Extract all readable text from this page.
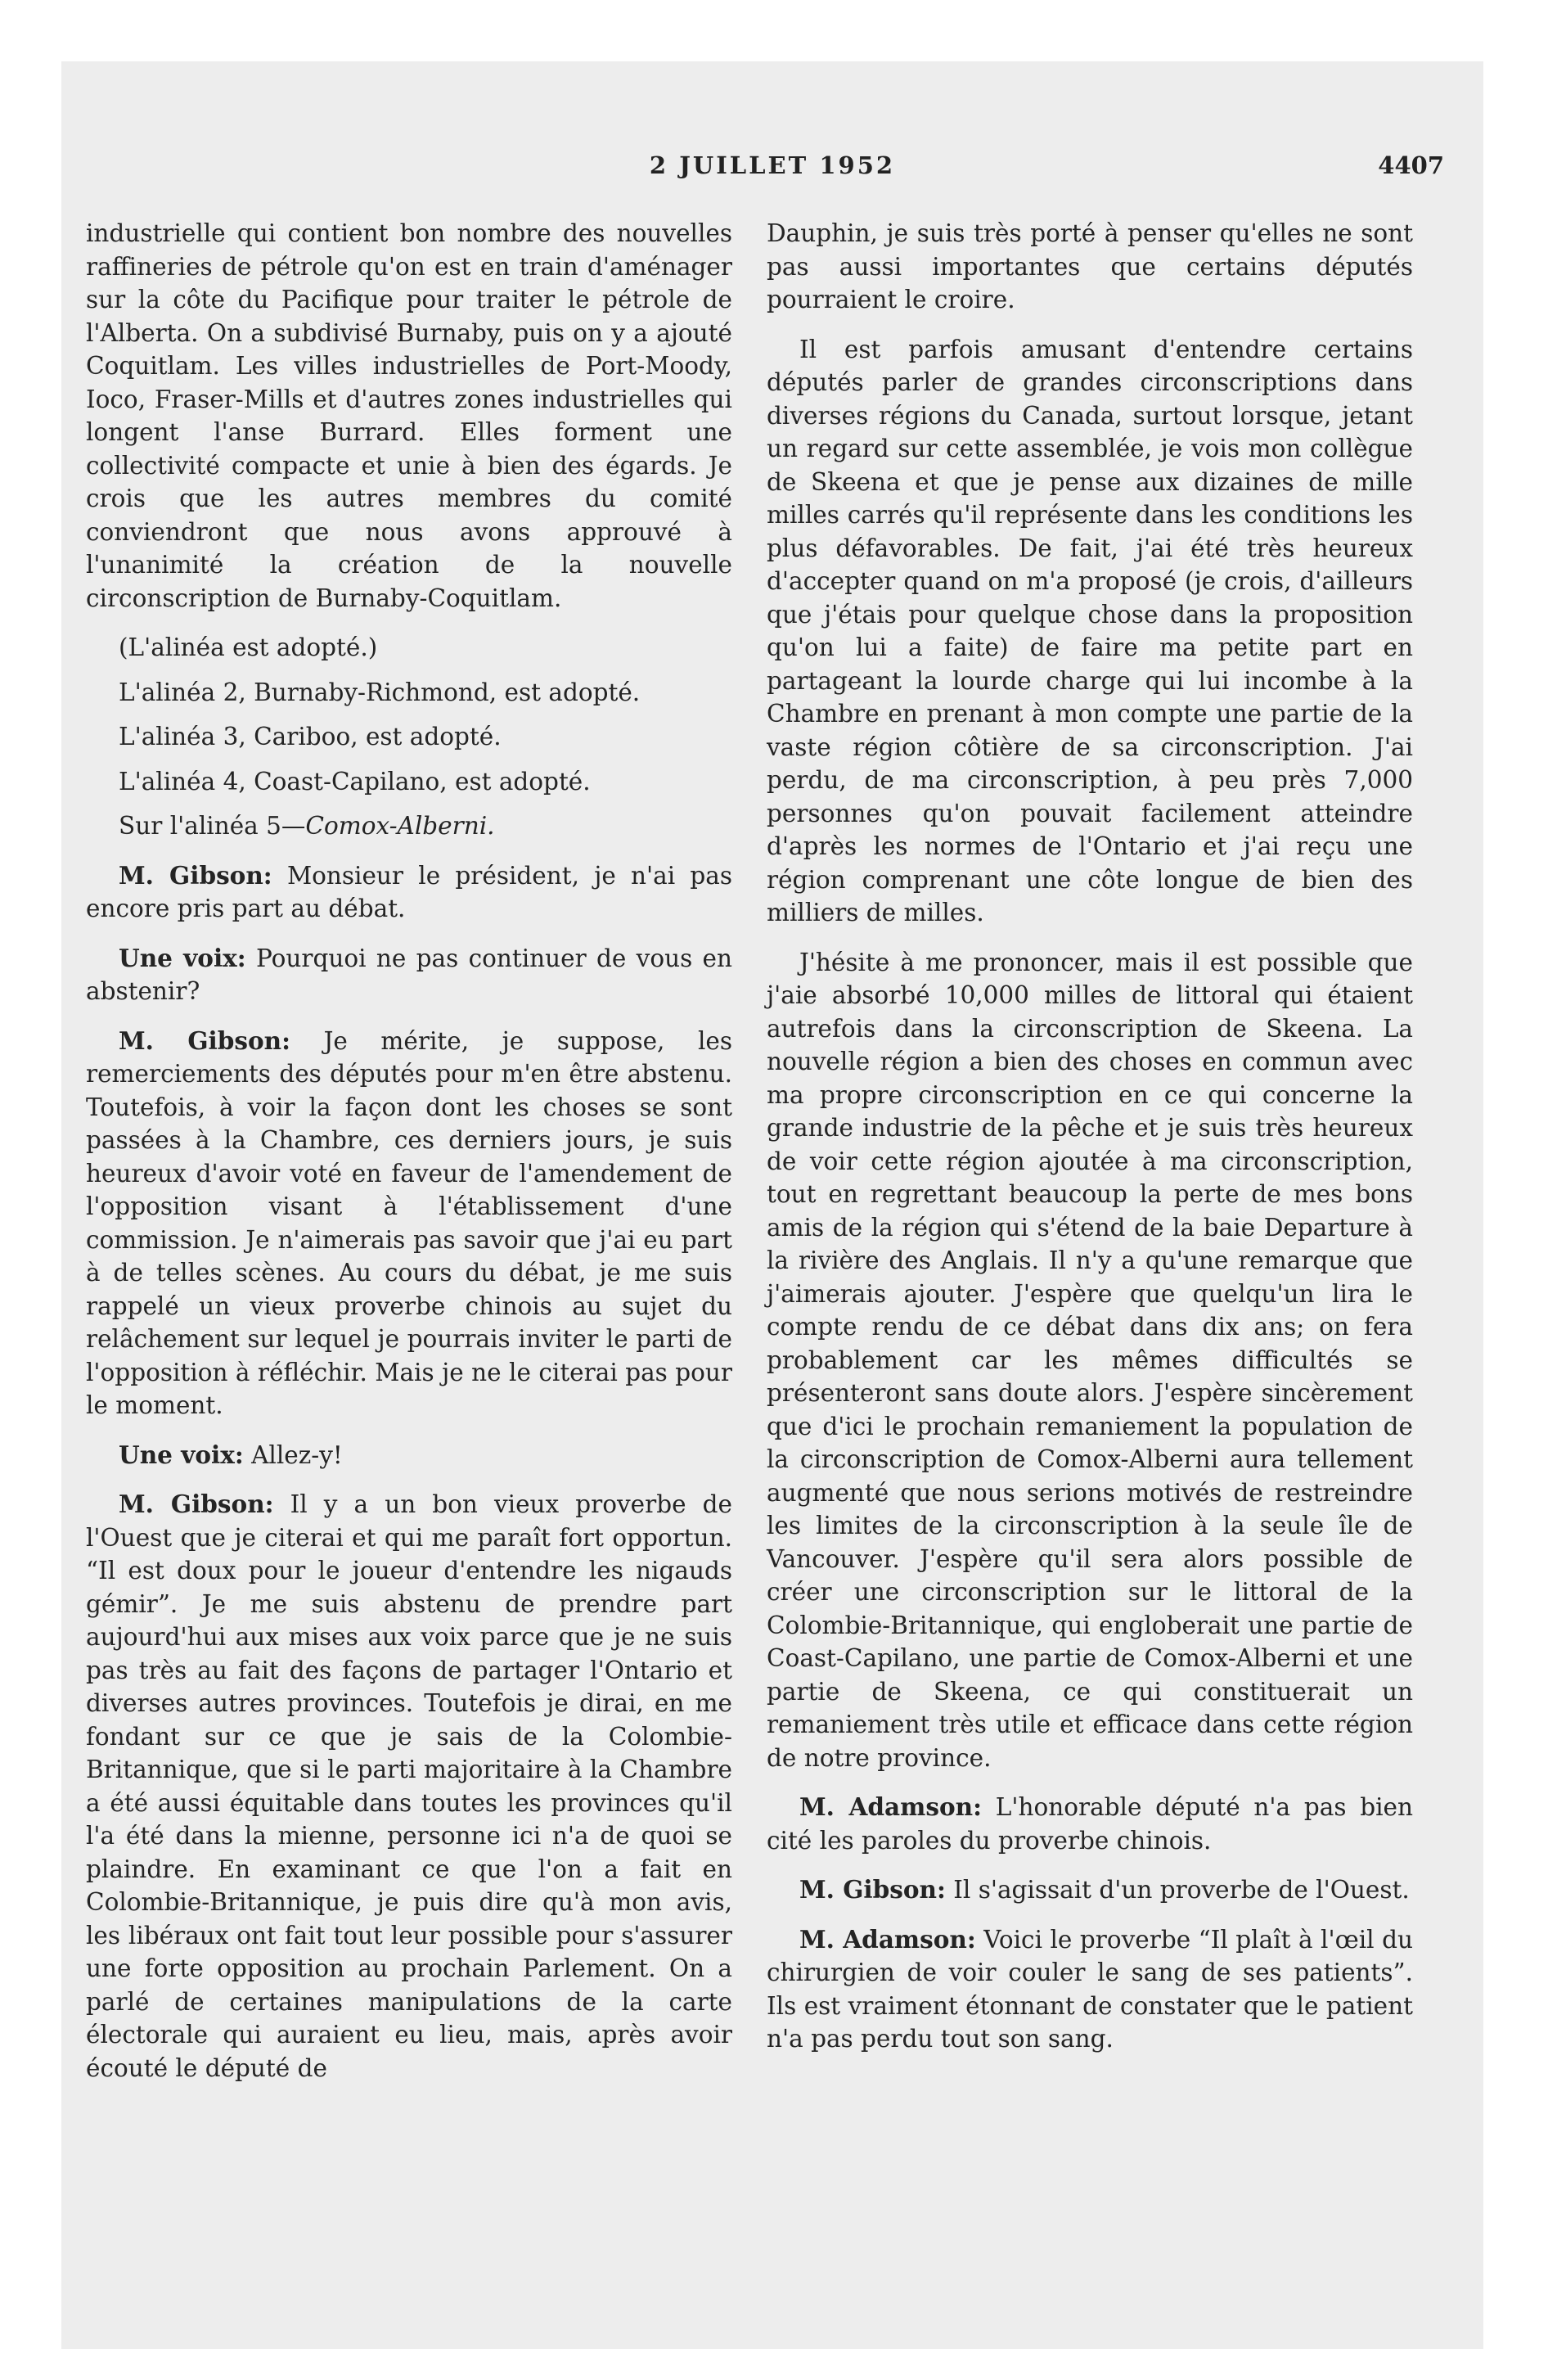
2 JUILLET 1952	4407

industrielle qui contient bon nombre des nouvelles raffineries de pétrole qu'on est en train d'aménager sur la côte du Pacifique pour traiter le pétrole de l'Alberta. On a subdivisé Burnaby, puis on y a ajouté Coquitlam. Les villes industrielles de Port-Moody, Ioco, Fraser-Mills et d'autres zones industrielles qui longent l'anse Burrard. Elles forment une collectivité compacte et unie à bien des égards. Je crois que les autres membres du comité conviendront que nous avons approuvé à l'unanimité la création de la nouvelle circonscription de Burnaby-Coquitlam.

(L'alinéa est adopté.)

L'alinéa 2, Burnaby-Richmond, est adopté.

L'alinéa 3, Cariboo, est adopté.

L'alinéa 4, Coast-Capilano, est adopté.

Sur l'alinéa 5—Comox-Alberni.

M. Gibson: Monsieur le président, je n'ai pas encore pris part au débat.

Une voix: Pourquoi ne pas continuer de vous en abstenir?

M. Gibson: Je mérite, je suppose, les remerciements des députés pour m'en être abstenu. Toutefois, à voir la façon dont les choses se sont passées à la Chambre, ces derniers jours, je suis heureux d'avoir voté en faveur de l'amendement de l'opposition visant à l'établissement d'une commission. Je n'aimerais pas savoir que j'ai eu part à de telles scènes. Au cours du débat, je me suis rappelé un vieux proverbe chinois au sujet du relâchement sur lequel je pourrais inviter le parti de l'opposition à réfléchir. Mais je ne le citerai pas pour le moment.

Une voix: Allez-y!

M. Gibson: Il y a un bon vieux proverbe de l'Ouest que je citerai et qui me paraît fort opportun. “Il est doux pour le joueur d'entendre les nigauds gémir”. Je me suis abstenu de prendre part aujourd'hui aux mises aux voix parce que je ne suis pas très au fait des façons de partager l'Ontario et diverses autres provinces. Toutefois je dirai, en me fondant sur ce que je sais de la Colombie-Britannique, que si le parti majoritaire à la Chambre a été aussi équitable dans toutes les provinces qu'il l'a été dans la mienne, personne ici n'a de quoi se plaindre. En examinant ce que l'on a fait en Colombie-Britannique, je puis dire qu'à mon avis, les libéraux ont fait tout leur possible pour s'assurer une forte opposition au prochain Parlement. On a parlé de certaines manipulations de la carte électorale qui auraient eu lieu, mais, après avoir écouté le député de

Dauphin, je suis très porté à penser qu'elles ne sont pas aussi importantes que certains députés pourraient le croire.

Il est parfois amusant d'entendre certains députés parler de grandes circonscriptions dans diverses régions du Canada, surtout lorsque, jetant un regard sur cette assemblée, je vois mon collègue de Skeena et que je pense aux dizaines de mille milles carrés qu'il représente dans les conditions les plus défavorables. De fait, j'ai été très heureux d'accepter quand on m'a proposé (je crois, d'ailleurs que j'étais pour quelque chose dans la proposition qu'on lui a faite) de faire ma petite part en partageant la lourde charge qui lui incombe à la Chambre en prenant à mon compte une partie de la vaste région côtière de sa circonscription. J'ai perdu, de ma circonscription, à peu près 7,000 personnes qu'on pouvait facilement atteindre d'après les normes de l'Ontario et j'ai reçu une région comprenant une côte longue de bien des milliers de milles.

J'hésite à me prononcer, mais il est possible que j'aie absorbé 10,000 milles de littoral qui étaient autrefois dans la circonscription de Skeena. La nouvelle région a bien des choses en commun avec ma propre circonscription en ce qui concerne la grande industrie de la pêche et je suis très heureux de voir cette région ajoutée à ma circonscription, tout en regrettant beaucoup la perte de mes bons amis de la région qui s'étend de la baie Departure à la rivière des Anglais. Il n'y a qu'une remarque que j'aimerais ajouter. J'espère que quelqu'un lira le compte rendu de ce débat dans dix ans; on fera probablement car les mêmes difficultés se présenteront sans doute alors. J'espère sincèrement que d'ici le prochain remaniement la population de la circonscription de Comox-Alberni aura tellement augmenté que nous serions motivés de restreindre les limites de la circonscription à la seule île de Vancouver. J'espère qu'il sera alors possible de créer une circonscription sur le littoral de la Colombie-Britannique, qui engloberait une partie de Coast-Capilano, une partie de Comox-Alberni et une partie de Skeena, ce qui constituerait un remaniement très utile et efficace dans cette région de notre province.

M. Adamson: L'honorable député n'a pas bien cité les paroles du proverbe chinois.

M. Gibson: Il s'agissait d'un proverbe de l'Ouest.

M. Adamson: Voici le proverbe “Il plaît à l'œil du chirurgien de voir couler le sang de ses patients”. Ils est vraiment étonnant de constater que le patient n'a pas perdu tout son sang.
